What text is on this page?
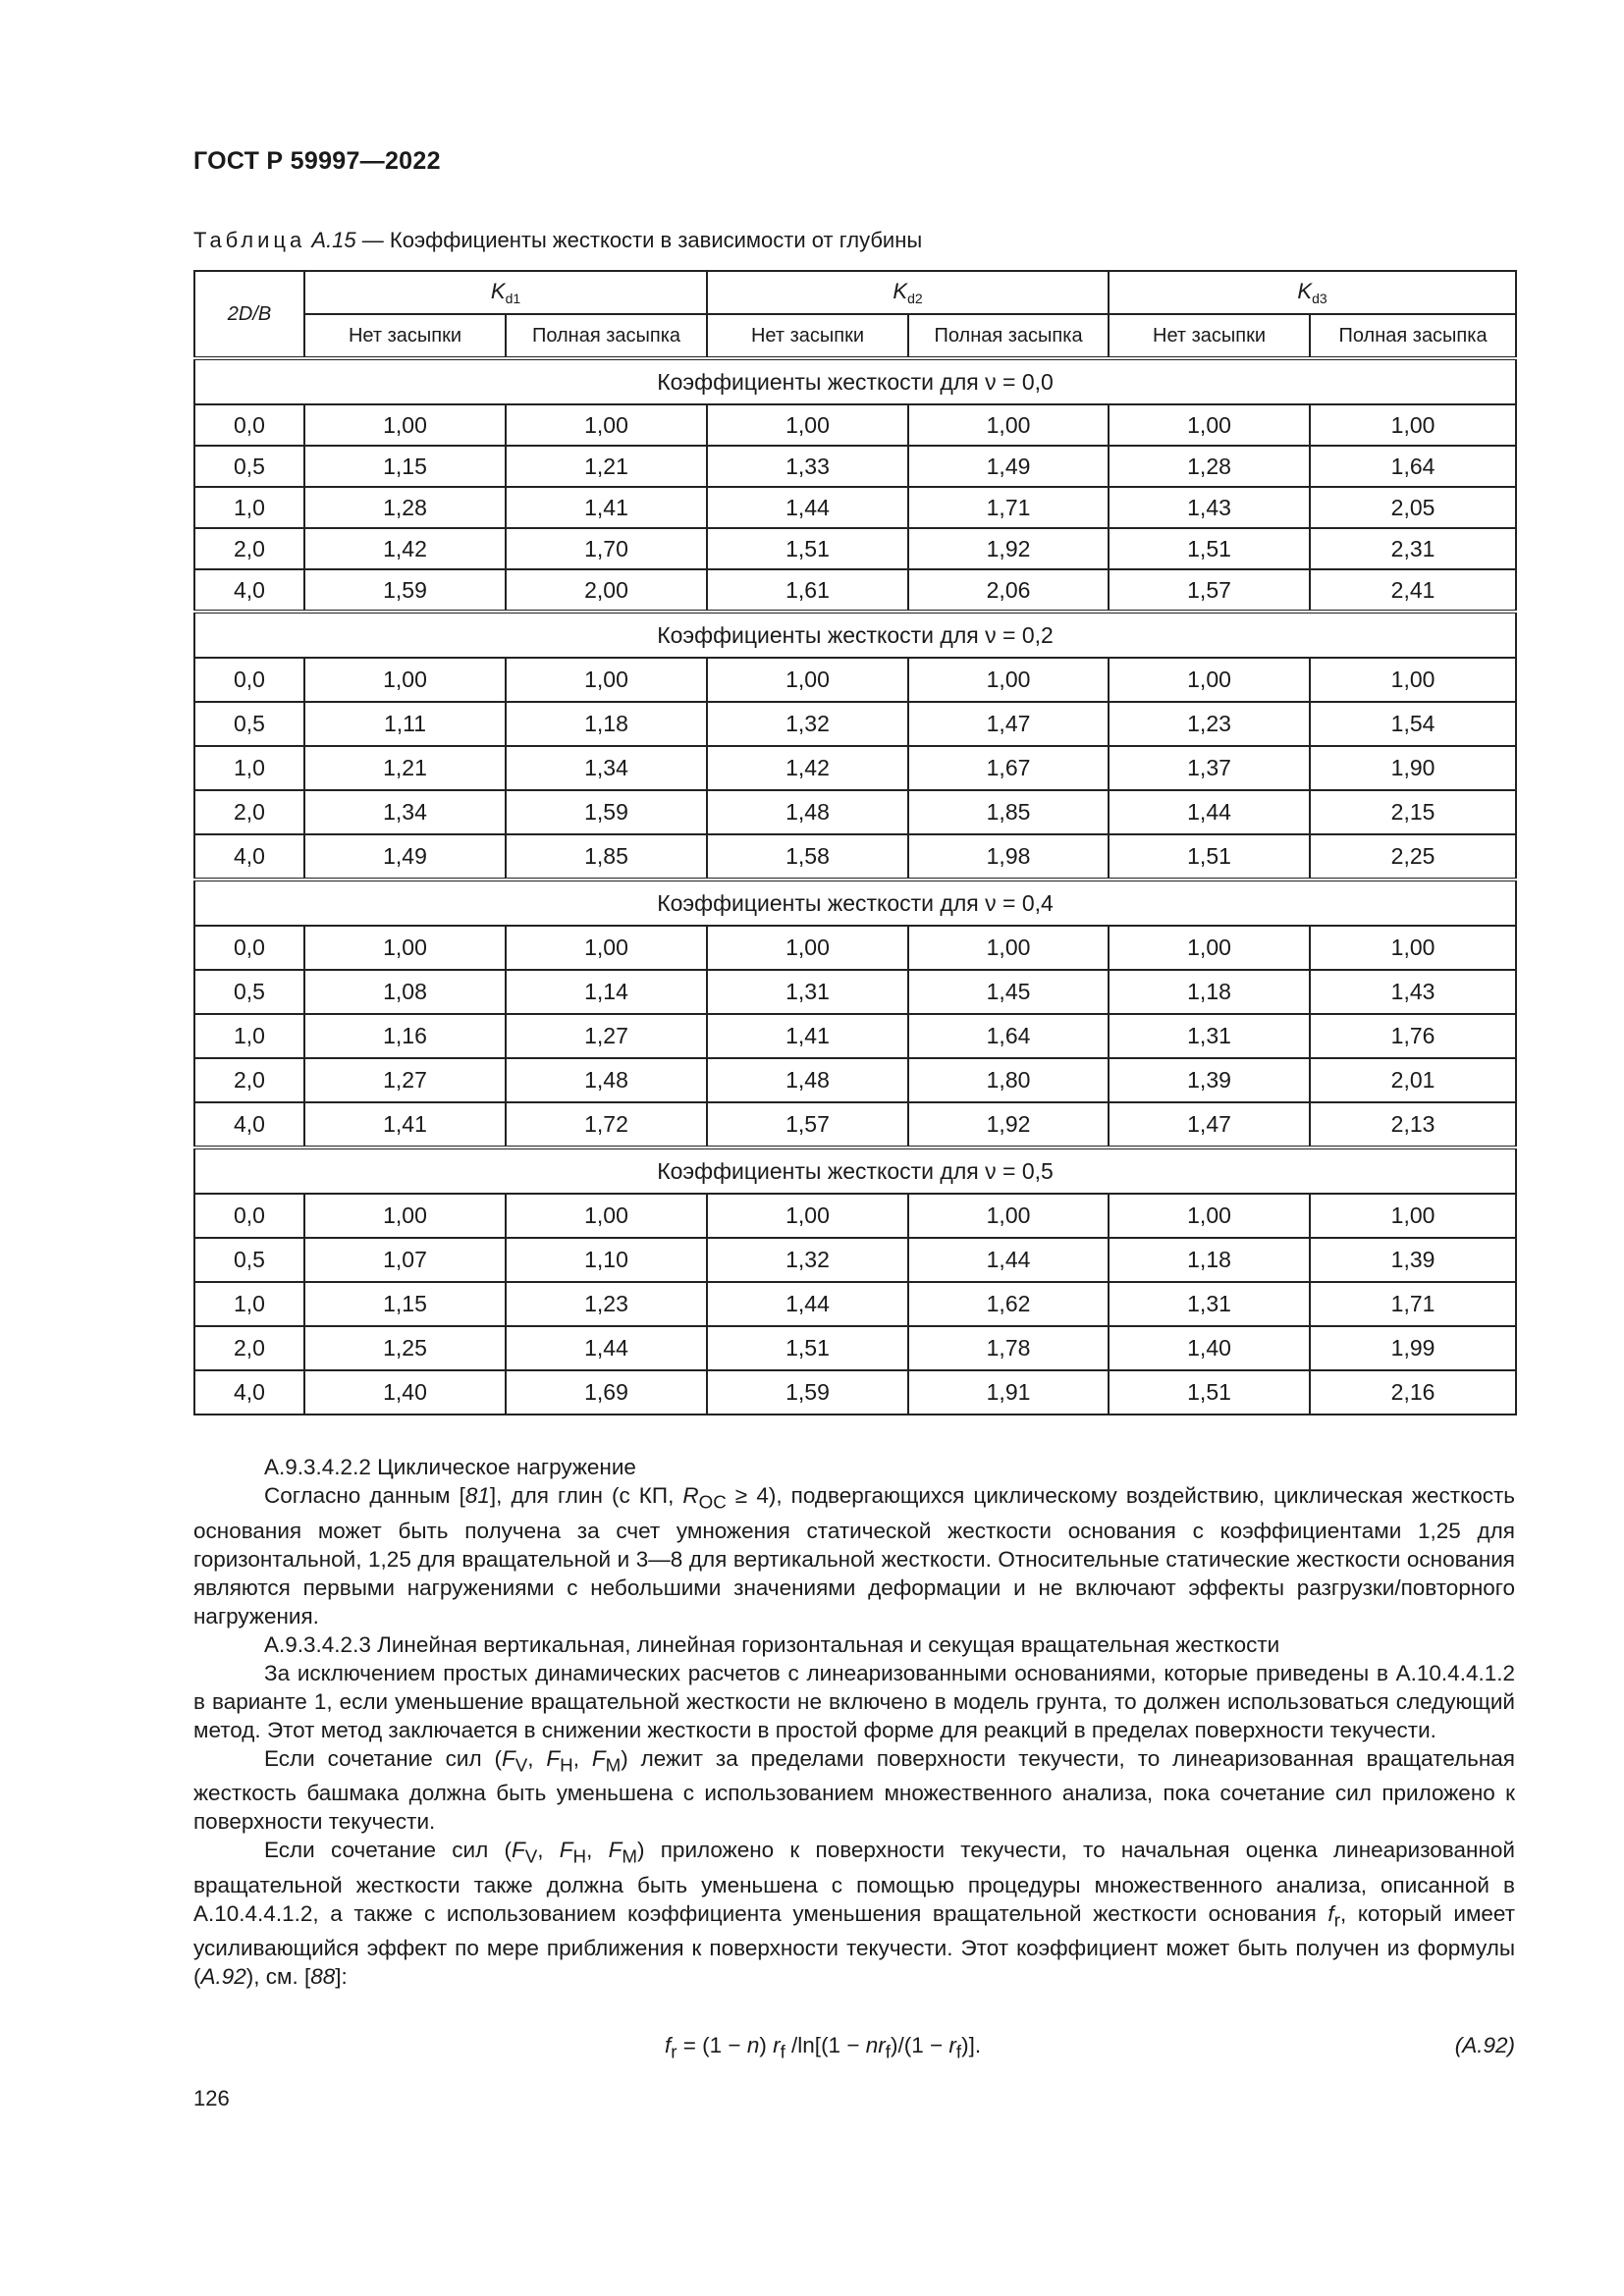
ГОСТ Р 59997—2022
Таблица А.15 — Коэффициенты жесткости в зависимости от глубины
2D/B	$K_{d1}$		$K_{d2}$		$K_{d3}$
	Нет засыпки	Полная засыпка	Нет засыпки	Полная засыпка	Нет засыпки	Полная засыпка
Коэффициенты жесткости для ν = 0,0						
0,0	1,00	1,00	1,00	1,00	1,00	1,00
0,5	1,15	1,21	1,33	1,49	1,28	1,64
1,0	1,28	1,41	1,44	1,71	1,43	2,05
2,0	1,42	1,70	1,51	1,92	1,51	2,31
4,0	1,59	2,00	1,61	2,06	1,57	2,41
Коэффициенты жесткости для ν = 0,2						
0,0	1,00	1,00	1,00	1,00	1,00	1,00
0,5	1,11	1,18	1,32	1,47	1,23	1,54
1,0	1,21	1,34	1,42	1,67	1,37	1,90
2,0	1,34	1,59	1,48	1,85	1,44	2,15
4,0	1,49	1,85	1,58	1,98	1,51	2,25
Коэффициенты жесткости для ν = 0,4						
0,0	1,00	1,00	1,00	1,00	1,00	1,00
0,5	1,08	1,14	1,31	1,45	1,18	1,43
1,0	1,16	1,27	1,41	1,64	1,31	1,76
2,0	1,27	1,48	1,48	1,80	1,39	2,01
4,0	1,41	1,72	1,57	1,92	1,47	2,13
Коэффициенты жесткости для ν = 0,5						
0,0	1,00	1,00	1,00	1,00	1,00	1,00
0,5	1,07	1,10	1,32	1,44	1,18	1,39
1,0	1,15	1,23	1,44	1,62	1,31	1,71
2,0	1,25	1,44	1,51	1,78	1,40	1,99
4,0	1,40	1,69	1,59	1,91	1,51	2,16

А.9.3.4.2.2 Циклическое нагружение

Согласно данным [81], для глин (с КП, $R_{OC} \ge 4$), подвергающихся циклическому воздействию, циклическая жесткость основания может быть получена за счет умножения статической жесткости основания с коэффициентами 1,25 для горизонтальной, 1,25 для вращательной и 3—8 для вертикальной жесткости. Относительные статические жесткости основания являются первыми нагружениями с небольшими значениями деформации и не включают эффекты разгрузки/повторного нагружения.

А.9.3.4.2.3 Линейная вертикальная, линейная горизонтальная и секущая вращательная жесткости

За исключением простых динамических расчетов с линеаризованными основаниями, которые приведены в А.10.4.4.1.2 в варианте 1, если уменьшение вращательной жесткости не включено в модель грунта, то должен использоваться следующий метод. Этот метод заключается в снижении жесткости в простой форме для реакций в пределах поверхности текучести.

Если сочетание сил ($F_V$, $F_H$, $F_M$) лежит за пределами поверхности текучести, то линеаризованная вращательная жесткость башмака должна быть уменьшена с использованием множественного анализа, пока сочетание сил приложено к поверхности текучести.

Если сочетание сил ($F_V$, $F_H$, $F_M$) приложено к поверхности текучести, то начальная оценка линеаризованной вращательной жесткости также должна быть уменьшена с помощью процедуры множественного анализа, описанной в А.10.4.4.1.2, а также с использованием коэффициента уменьшения вращательной жесткости основания $f_r$, который имеет усиливающийся эффект по мере приближения к поверхности текучести. Этот коэффициент может быть получен из формулы (А.92), см. [88]:

$f_r = (1 - n)$ $r_f$ $/\ln[(1 - nr_f)/(1 - r_f)]$.	(А.92)
126
